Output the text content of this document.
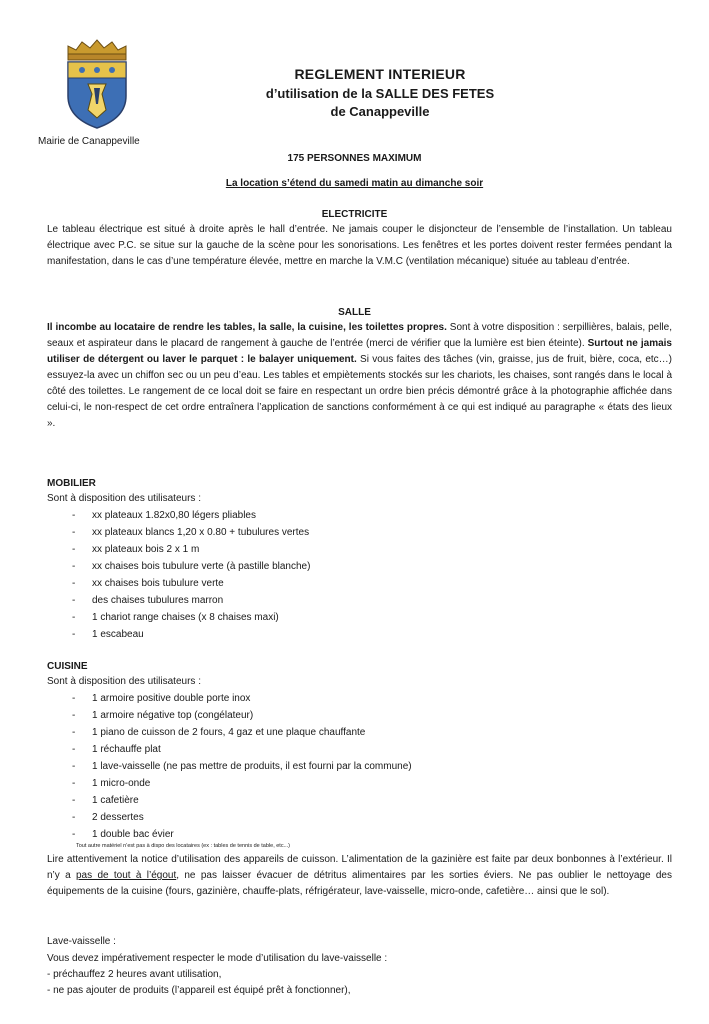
Mairie de Canappeville
REGLEMENT INTERIEUR
d’utilisation de la SALLE DES FETES
de Canappeville
175 PERSONNES MAXIMUM
La location s’étend du samedi matin au dimanche soir
ELECTRICITE
Le tableau électrique est situé à droite après le hall d’entrée. Ne jamais couper le disjoncteur de l’ensemble de l’installation. Un tableau électrique avec P.C. se situe sur la gauche de la scène pour les sonorisations. Les fenêtres et les portes doivent rester fermées pendant la manifestation, dans le cas d’une température élevée, mettre en marche la V.M.C (ventilation mécanique) située au tableau d’entrée.
SALLE
Il incombe au locataire de rendre les tables, la salle, la cuisine, les toilettes propres. Sont à votre disposition : serpillières, balais, pelle, seaux et aspirateur dans le placard de rangement à gauche de l’entrée (merci de vérifier que la lumière est bien éteinte). Surtout ne jamais utiliser de détergent ou laver le parquet : le balayer uniquement. Si vous faites des tâches (vin, graisse, jus de fruit, bière, coca, etc…) essuyez-la avec un chiffon sec ou un peu d’eau. Les tables et empiètements stockés sur les chariots, les chaises, sont rangés dans le local à côté des toilettes. Le rangement de ce local doit se faire en respectant un ordre bien précis démontré grâce à la photographie affichée dans celui-ci, le non-respect de cet ordre entraînera l’application de sanctions conformément à ce qui est indiqué au paragraphe « états des lieux ».
MOBILIER
Sont à disposition des utilisateurs :
- xx plateaux 1.82x0,80 légers pliables
- xx plateaux blancs 1,20 x 0.80 + tubulures vertes
- xx plateaux bois 2 x 1 m
- xx chaises bois tubulure verte (à pastille blanche)
- xx chaises bois tubulure verte
- des chaises tubulures marron
- 1 chariot range chaises (x 8 chaises maxi)
- 1 escabeau
CUISINE
Sont à disposition des utilisateurs :
- 1 armoire positive double porte inox
- 1 armoire négative top (congélateur)
- 1 piano de cuisson de 2 fours, 4 gaz et une plaque chauffante
- 1 réchauffe plat
- 1 lave-vaisselle (ne pas mettre de produits, il est fourni par la commune)
- 1 micro-onde
- 1 cafetière
- 2 dessertes
- 1 double bac évier
Tout autre matériel n’est pas à dispo des locataires (ex : tables de tennis de table, etc...)
Lire attentivement la notice d’utilisation des appareils de cuisson. L’alimentation de la gazinière est faite par deux bonbonnes à l’extérieur. Il n’y a pas de tout à l’égout, ne pas laisser évacuer de détritus alimentaires par les sorties éviers. Ne pas oublier le nettoyage des équipements de la cuisine (fours, gazinière, chauffe-plats, réfrigérateur, lave-vaisselle, micro-onde, cafetière… ainsi que le sol).
Lave-vaisselle :
Vous devez impérativement respecter le mode d’utilisation du lave-vaisselle :
- préchauffez 2 heures avant utilisation,
- ne pas ajouter de produits (l’appareil est équipé prêt à fonctionner),
